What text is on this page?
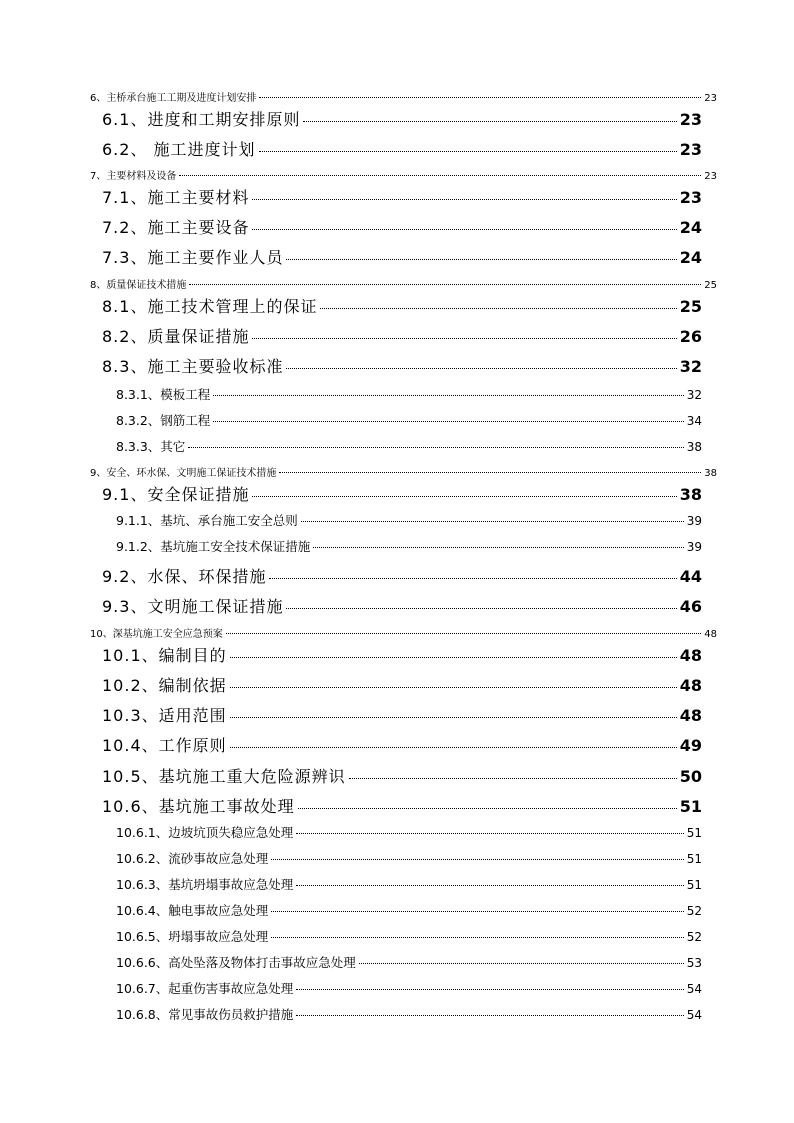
6、主桥承台施工工期及进度计划安排	23
6.1、进度和工期安排原则	23
6.2、 施工进度计划	23
7、主要材料及设备	23
7.1、施工主要材料	23
7.2、施工主要设备	24
7.3、施工主要作业人员	24
8、质量保证技术措施	25
8.1、施工技术管理上的保证	25
8.2、质量保证措施	26
8.3、施工主要验收标准	32
8.3.1、模板工程	32
8.3.2、钢筋工程	34
8.3.3、其它	38
9、安全、环水保、文明施工保证技术措施	38
9.1、安全保证措施	38
9.1.1、基坑、承台施工安全总则	39
9.1.2、基坑施工安全技术保证措施	39
9.2、水保、环保措施	44
9.3、文明施工保证措施	46
10、深基坑施工安全应急预案	48
10.1、编制目的	48
10.2、编制依据	48
10.3、适用范围	48
10.4、工作原则	49
10.5、基坑施工重大危险源辨识	50
10.6、基坑施工事故处理	51
10.6.1、边坡坑顶失稳应急处理	51
10.6.2、流砂事故应急处理	51
10.6.3、基坑坍塌事故应急处理	51
10.6.4、触电事故应急处理	52
10.6.5、坍塌事故应急处理	52
10.6.6、高处坠落及物体打击事故应急处理	53
10.6.7、起重伤害事故应急处理	54
10.6.8、常见事故伤员救护措施	54
